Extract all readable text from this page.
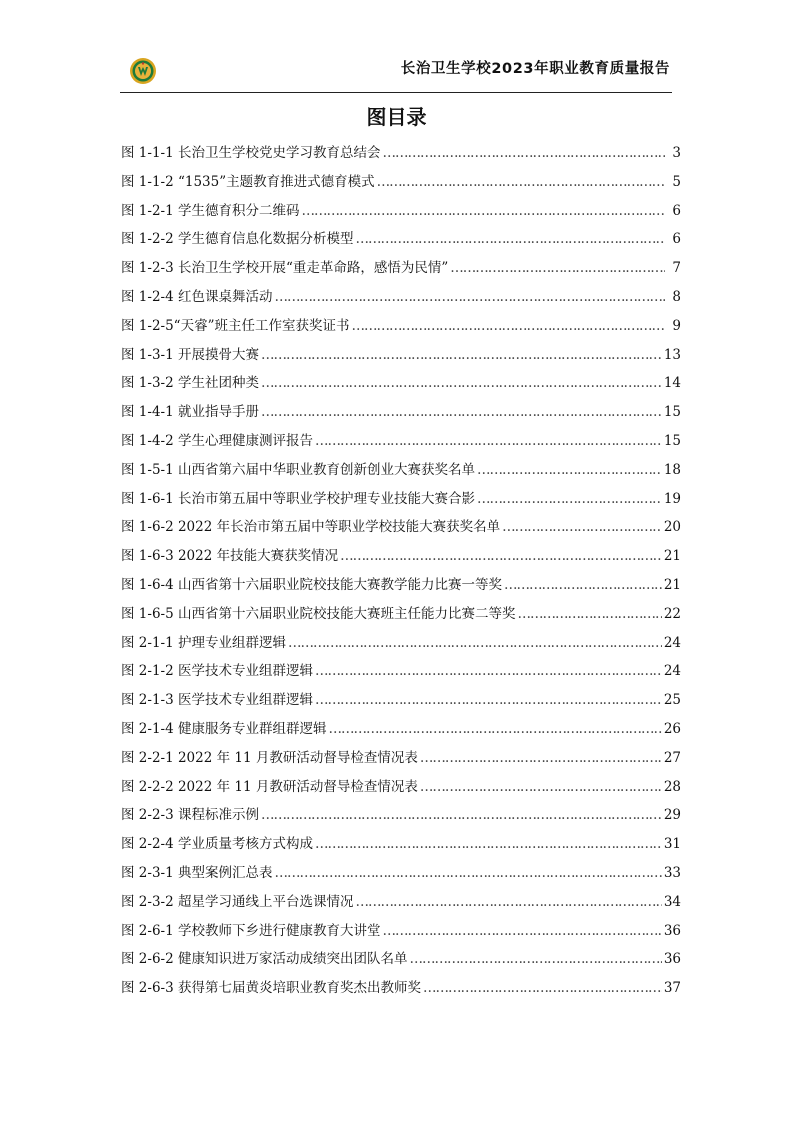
长治卫生学校2023年职业教育质量报告
图目录
图 1-1-1 长治卫生学校党史学习教育总结会 …………………………………………………………………………………………………………………………………………	3
图 1-1-2 “1535”主题教育推进式德育模式 …………………………………………………………………………………………………………………………………………	5
图 1-2-1 学生德育积分二维码 …………………………………………………………………………………………………………………………………………	6
图 1-2-2 学生德育信息化数据分析模型 …………………………………………………………………………………………………………………………………………	6
图 1-2-3 长治卫生学校开展“重走革命路，感悟为民情” …………………………………………………………………………………………………………………………………………	7
图 1-2-4 红色课桌舞活动 …………………………………………………………………………………………………………………………………………	8
图 1-2-5“天睿”班主任工作室获奖证书 …………………………………………………………………………………………………………………………………………	9
图 1-3-1 开展摸骨大赛 …………………………………………………………………………………………………………………………………………	13
图 1-3-2 学生社团种类 …………………………………………………………………………………………………………………………………………	14
图 1-4-1 就业指导手册 …………………………………………………………………………………………………………………………………………	15
图 1-4-2 学生心理健康测评报告 …………………………………………………………………………………………………………………………………………	15
图 1-5-1 山西省第六届中华职业教育创新创业大赛获奖名单 …………………………………………………………………………………………………………………………………………	18
图 1-6-1 长治市第五届中等职业学校护理专业技能大赛合影 …………………………………………………………………………………………………………………………………………	19
图 1-6-2 2022 年长治市第五届中等职业学校技能大赛获奖名单 …………………………………………………………………………………………………………………………………………	20
图 1-6-3 2022 年技能大赛获奖情况 …………………………………………………………………………………………………………………………………………	21
图 1-6-4 山西省第十六届职业院校技能大赛教学能力比赛一等奖 …………………………………………………………………………………………………………………………………………	21
图 1-6-5 山西省第十六届职业院校技能大赛班主任能力比赛二等奖 …………………………………………………………………………………………………………………………………………	22
图 2-1-1 护理专业组群逻辑 …………………………………………………………………………………………………………………………………………	24
图 2-1-2 医学技术专业组群逻辑 …………………………………………………………………………………………………………………………………………	24
图 2-1-3 医学技术专业组群逻辑 …………………………………………………………………………………………………………………………………………	25
图 2-1-4 健康服务专业群组群逻辑 …………………………………………………………………………………………………………………………………………	26
图 2-2-1 2022 年 11 月教研活动督导检查情况表 …………………………………………………………………………………………………………………………………………	27
图 2-2-2 2022 年 11 月教研活动督导检查情况表 …………………………………………………………………………………………………………………………………………	28
图 2-2-3 课程标准示例 …………………………………………………………………………………………………………………………………………	29
图 2-2-4 学业质量考核方式构成 …………………………………………………………………………………………………………………………………………	31
图 2-3-1 典型案例汇总表 …………………………………………………………………………………………………………………………………………	33
图 2-3-2 超星学习通线上平台选课情况 …………………………………………………………………………………………………………………………………………	34
图 2-6-1 学校教师下乡进行健康教育大讲堂 …………………………………………………………………………………………………………………………………………	36
图 2-6-2 健康知识进万家活动成绩突出团队名单 …………………………………………………………………………………………………………………………………………	36
图 2-6-3 获得第七届黄炎培职业教育奖杰出教师奖 …………………………………………………………………………………………………………………………………………	37
